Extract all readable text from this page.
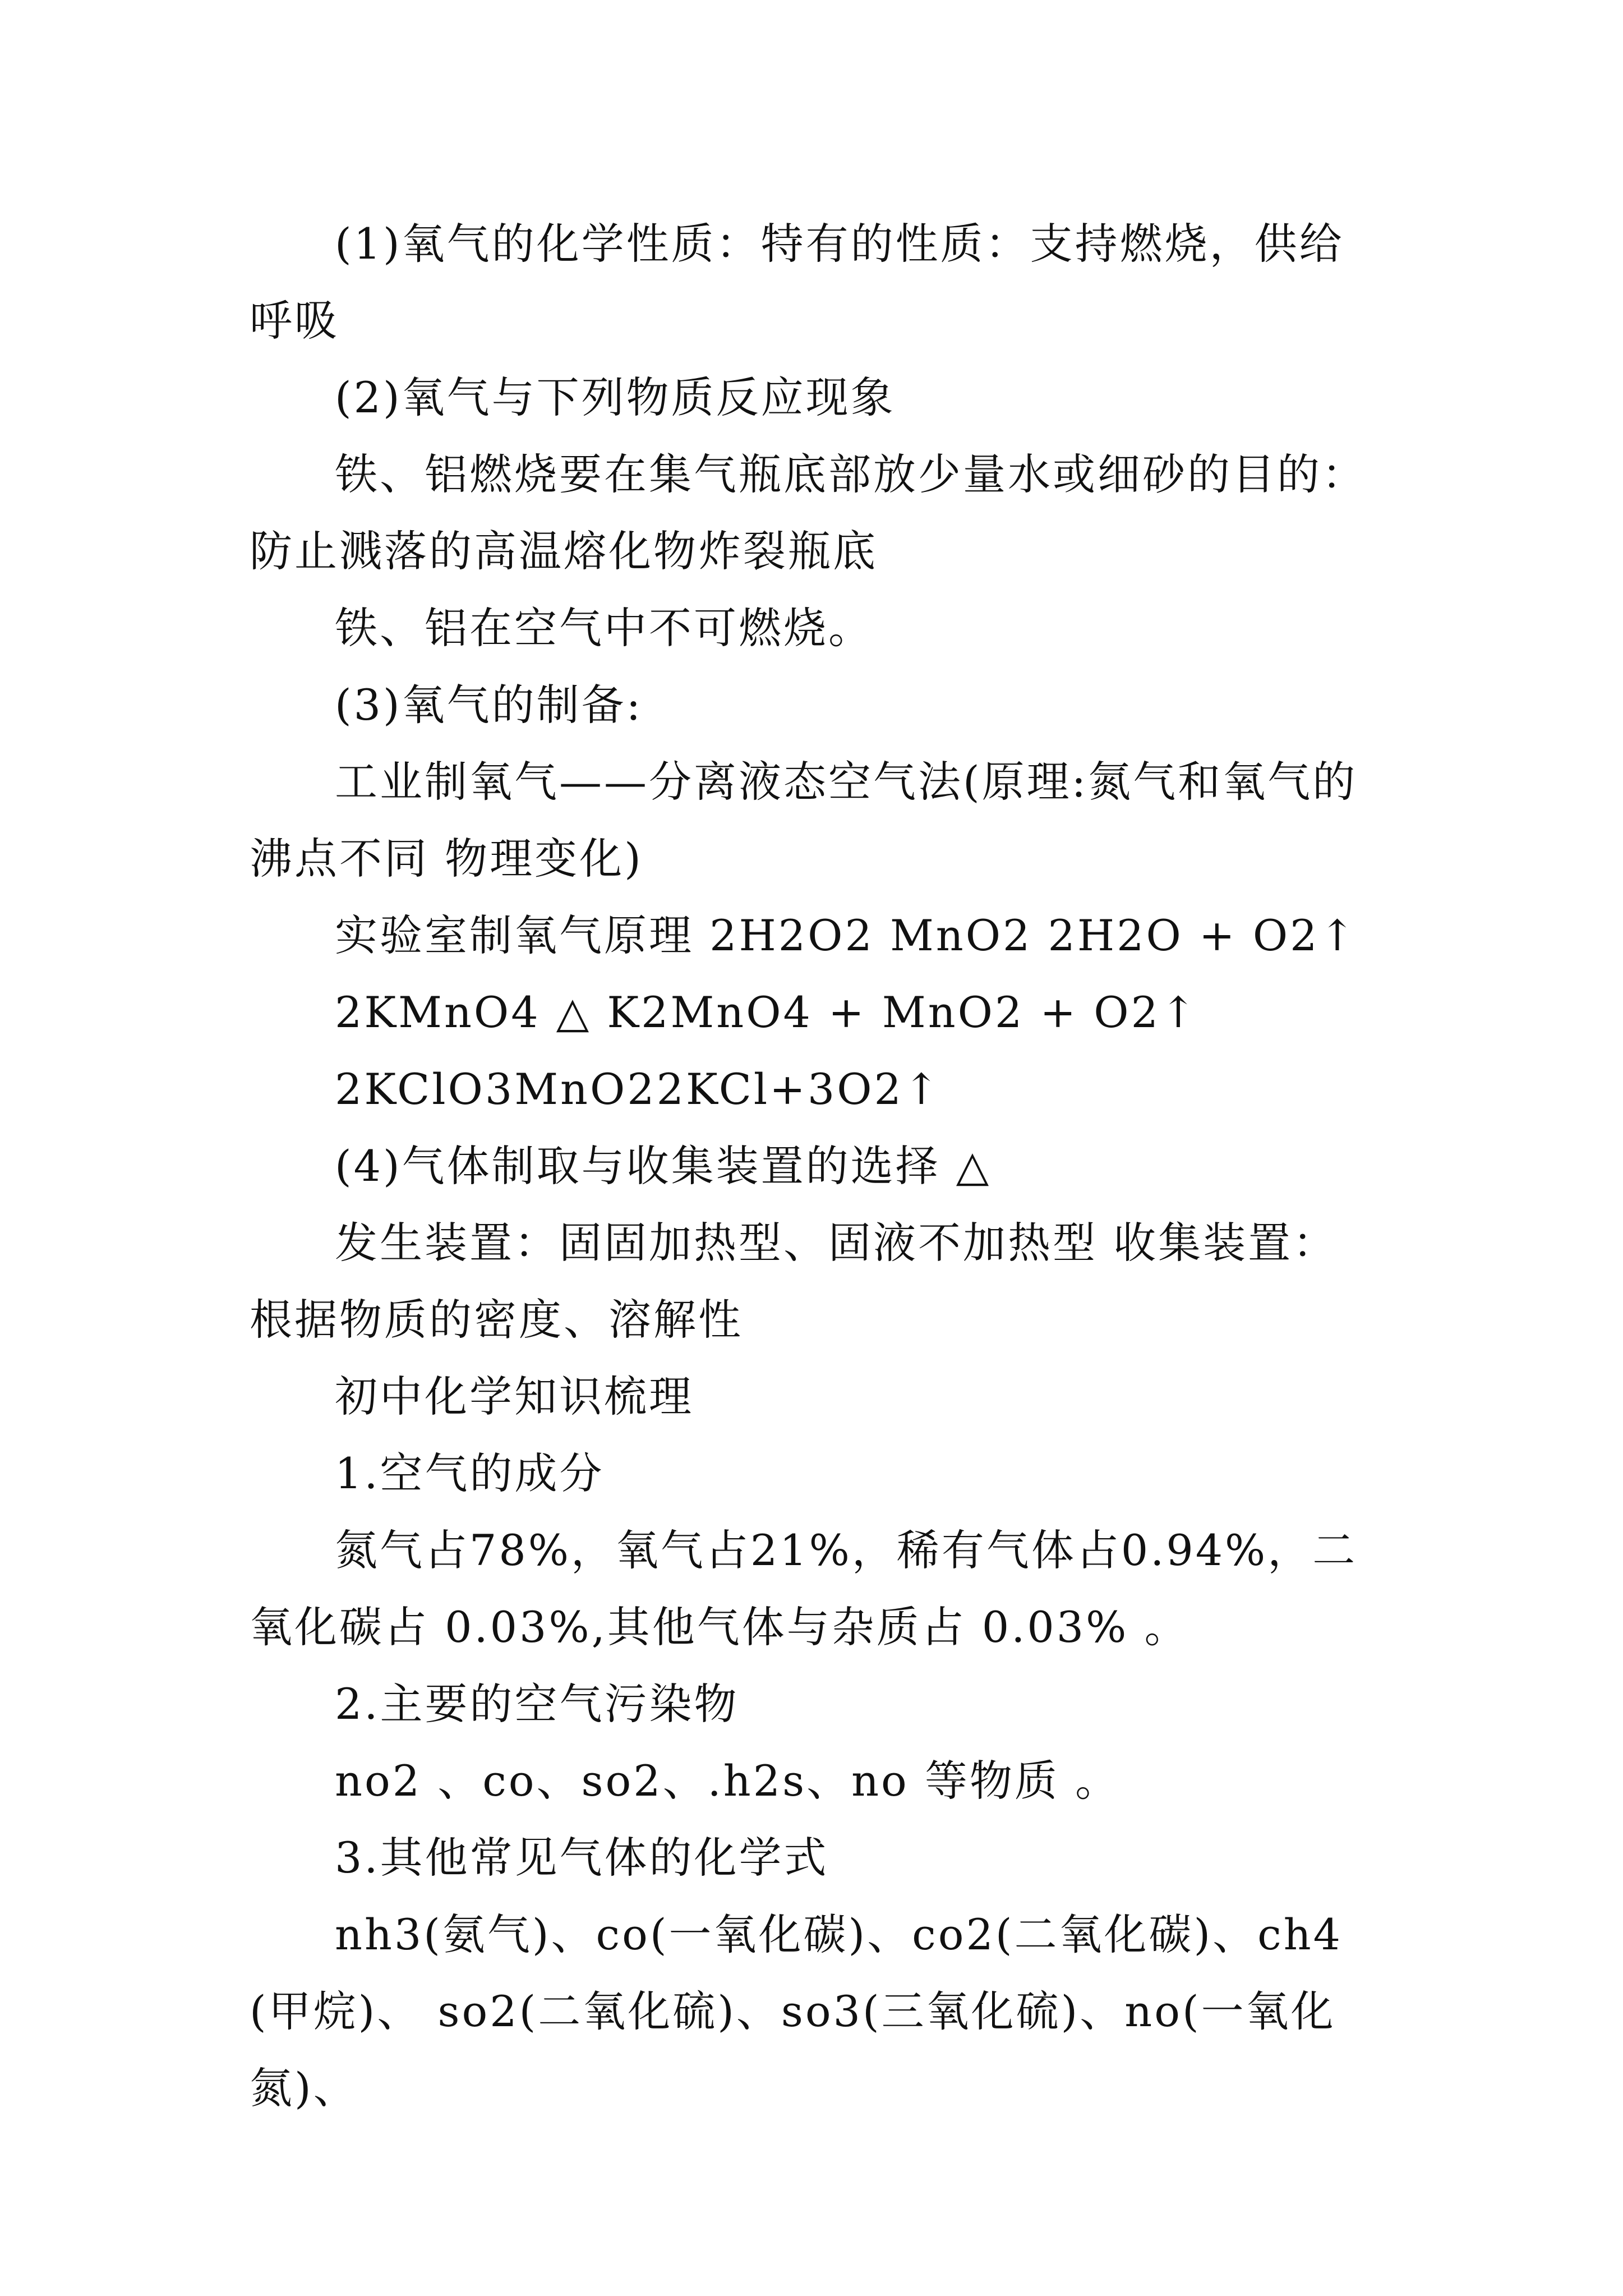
(1)氧气的化学性质：特有的性质：支持燃烧，供给呼吸

(2)氧气与下列物质反应现象

铁、铝燃烧要在集气瓶底部放少量水或细砂的目的：防止溅落的高温熔化物炸裂瓶底

铁、铝在空气中不可燃烧。

(3)氧气的制备:

工业制氧气——分离液态空气法(原理:氮气和氧气的沸点不同 物理变化)

实验室制氧气原理 2H2O2 MnO2 2H2O + O2↑

2KMnO4 △ K2MnO4 + MnO2 + O2↑

2KClO3MnO22KCl+3O2↑

(4)气体制取与收集装置的选择 △

发生装置：固固加热型、固液不加热型 收集装置：根据物质的密度、溶解性

初中化学知识梳理

1.空气的成分

氮气占78%，氧气占21%，稀有气体占0.94%，二氧化碳占 0.03%,其他气体与杂质占 0.03% 。

2.主要的空气污染物

no2 、co、so2、.h2s、no 等物质 。

3.其他常见气体的化学式

nh3(氨气)、co(一氧化碳)、co2(二氧化碳)、ch4(甲烷)、 so2(二氧化硫)、so3(三氧化硫)、no(一氧化氮)、
